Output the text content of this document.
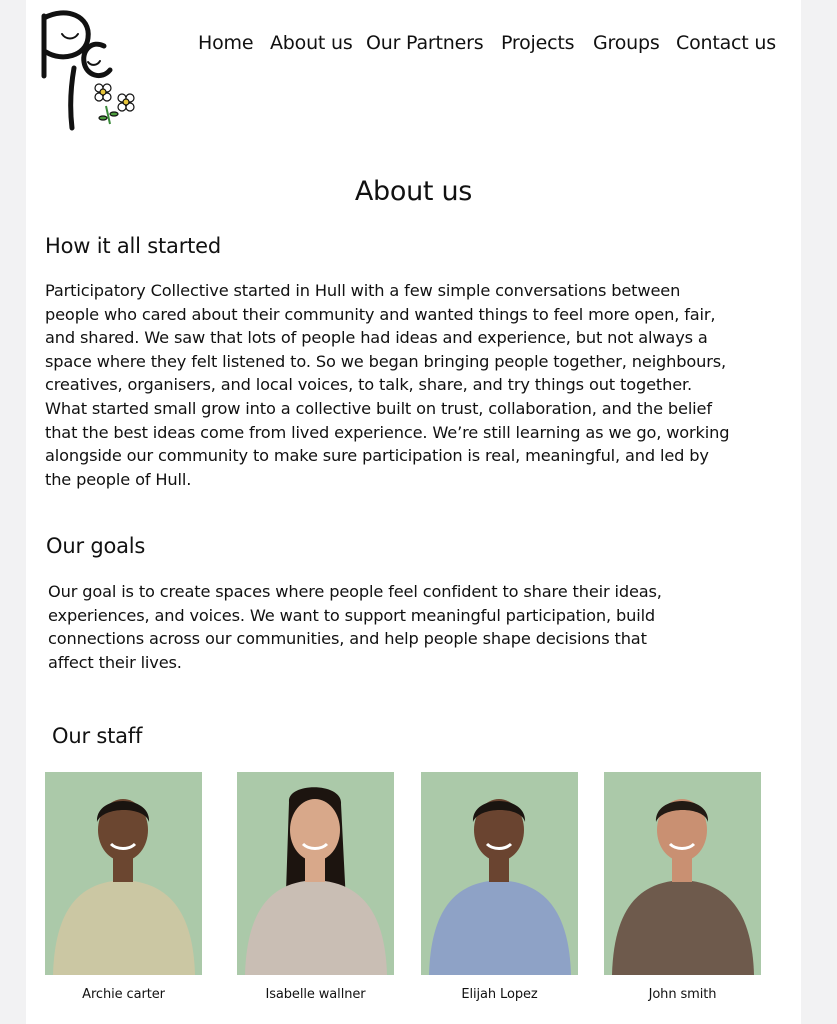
Home About us Our Partners Projects Groups Contact us
About us
How it all started
Participatory Collective started in Hull with a few simple conversations between
people who cared about their community and wanted things to feel more open, fair,
and shared. We saw that lots of people had ideas and experience, but not always a
space where they felt listened to. So we began bringing people together, neighbours,
creatives, organisers, and local voices, to talk, share, and try things out together.
What started small grow into a collective built on trust, collaboration, and the belief
that the best ideas come from lived experience. We’re still learning as we go, working
alongside our community to make sure participation is real, meaningful, and led by
the people of Hull.
Our goals
Our goal is to create spaces where people feel confident to share their ideas,
experiences, and voices. We want to support meaningful participation, build
connections across our communities, and help people shape decisions that
affect their lives.
Our staff
Archie carter	Isabelle wallner	Elijah Lopez	John smith
